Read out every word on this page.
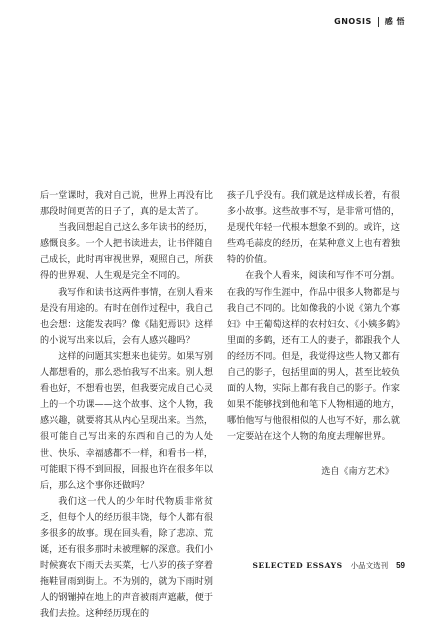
GNOSIS 感 悟

后一堂课时，我对自己说，世界上再没有比那段时间更苦的日子了，真的是太苦了。

当我回想起自己这么多年读书的经历，感慨良多。一个人把书读进去，让书伴随自己成长，此时再审视世界，观照自己，所获得的世界观、人生观是完全不同的。

我写作和读书这两件事情，在别人看来是没有用途的。有时在创作过程中，我自己也会想：这能发表吗？像《陆犯焉识》这样的小说写出来以后，会有人感兴趣吗？

这样的问题其实想来也徒劳。如果写别人都想看的，那么恐怕我写不出来。别人想看也好，不想看也罢，但我要完成自己心灵上的一个功课——这个故事、这个人物，我感兴趣，就要将其从内心呈现出来。当然，很可能自己写出来的东西和自己的为人处世、快乐、幸福感都不一样，和看书一样，可能眼下得不到回报，回报也许在很多年以后，那么这个事你还做吗？

我们这一代人的少年时代物质非常贫乏，但每个人的经历很丰饶，每个人都有很多很多的故事。现在回头看，除了悲凉、荒诞，还有很多那时未被理解的深意。我们小时候赛农下雨天去买菜，七八岁的孩子穿着拖鞋冒雨到街上。不为别的，就为下雨时别人的钢镚掉在地上的声音被雨声遮蔽，便于我们去捡。这种经历现在的

孩子几乎没有。我们就是这样成长着，有很多小故事。这些故事不写，是非常可惜的，是现代年轻一代根本想象不到的。或许，这些鸡毛蒜皮的经历，在某种意义上也有着独特的价值。

在我个人看来，阅读和写作不可分割。在我的写作生涯中，作品中很多人物都是与我自己不同的。比如像我的小说《第九个寡妇》中王葡萄这样的农村妇女、《小姨多鹤》里面的多鹤，还有工人的妻子，都跟我个人的经历不同。但是，我觉得这些人物又都有自己的影子，包括里面的男人，甚至比较负面的人物，实际上都有我自己的影子。作家如果不能够找到他和笔下人物相通的地方，哪怕他写与他很相似的人也写不好，那么就一定要站在这个人物的角度去理解世界。

选自《南方艺术》
SELECTED ESSAYS 小品文选刊 59
